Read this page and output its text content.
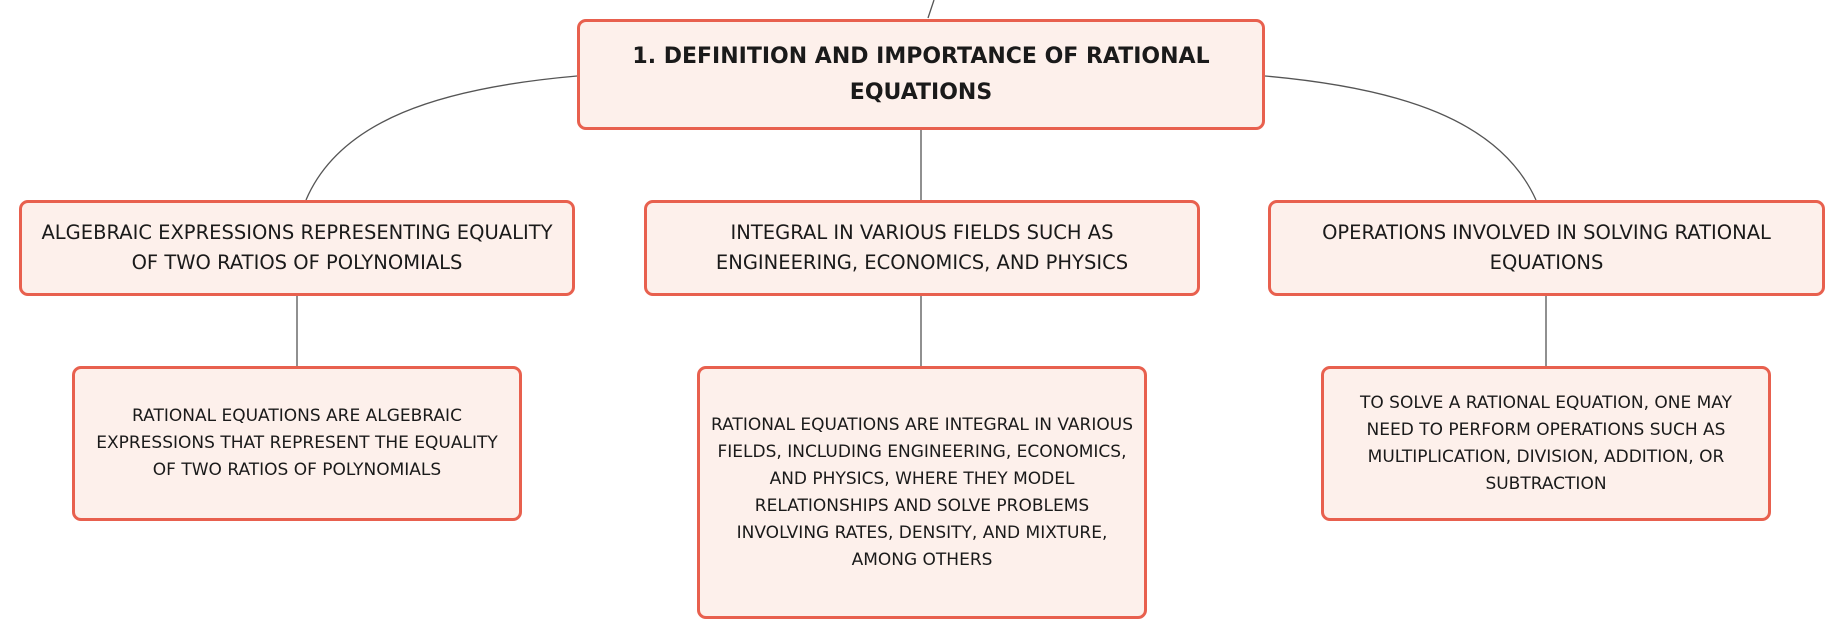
1. DEFINITION AND IMPORTANCE OF RATIONAL EQUATIONS
ALGEBRAIC EXPRESSIONS REPRESENTING EQUALITY OF TWO RATIOS OF POLYNOMIALS
INTEGRAL IN VARIOUS FIELDS SUCH AS ENGINEERING, ECONOMICS, AND PHYSICS
OPERATIONS INVOLVED IN SOLVING RATIONAL EQUATIONS
RATIONAL EQUATIONS ARE ALGEBRAIC EXPRESSIONS THAT REPRESENT THE EQUALITY OF TWO RATIOS OF POLYNOMIALS
RATIONAL EQUATIONS ARE INTEGRAL IN VARIOUS FIELDS, INCLUDING ENGINEERING, ECONOMICS, AND PHYSICS, WHERE THEY MODEL RELATIONSHIPS AND SOLVE PROBLEMS INVOLVING RATES, DENSITY, AND MIXTURE, AMONG OTHERS
TO SOLVE A RATIONAL EQUATION, ONE MAY NEED TO PERFORM OPERATIONS SUCH AS MULTIPLICATION, DIVISION, ADDITION, OR SUBTRACTION
